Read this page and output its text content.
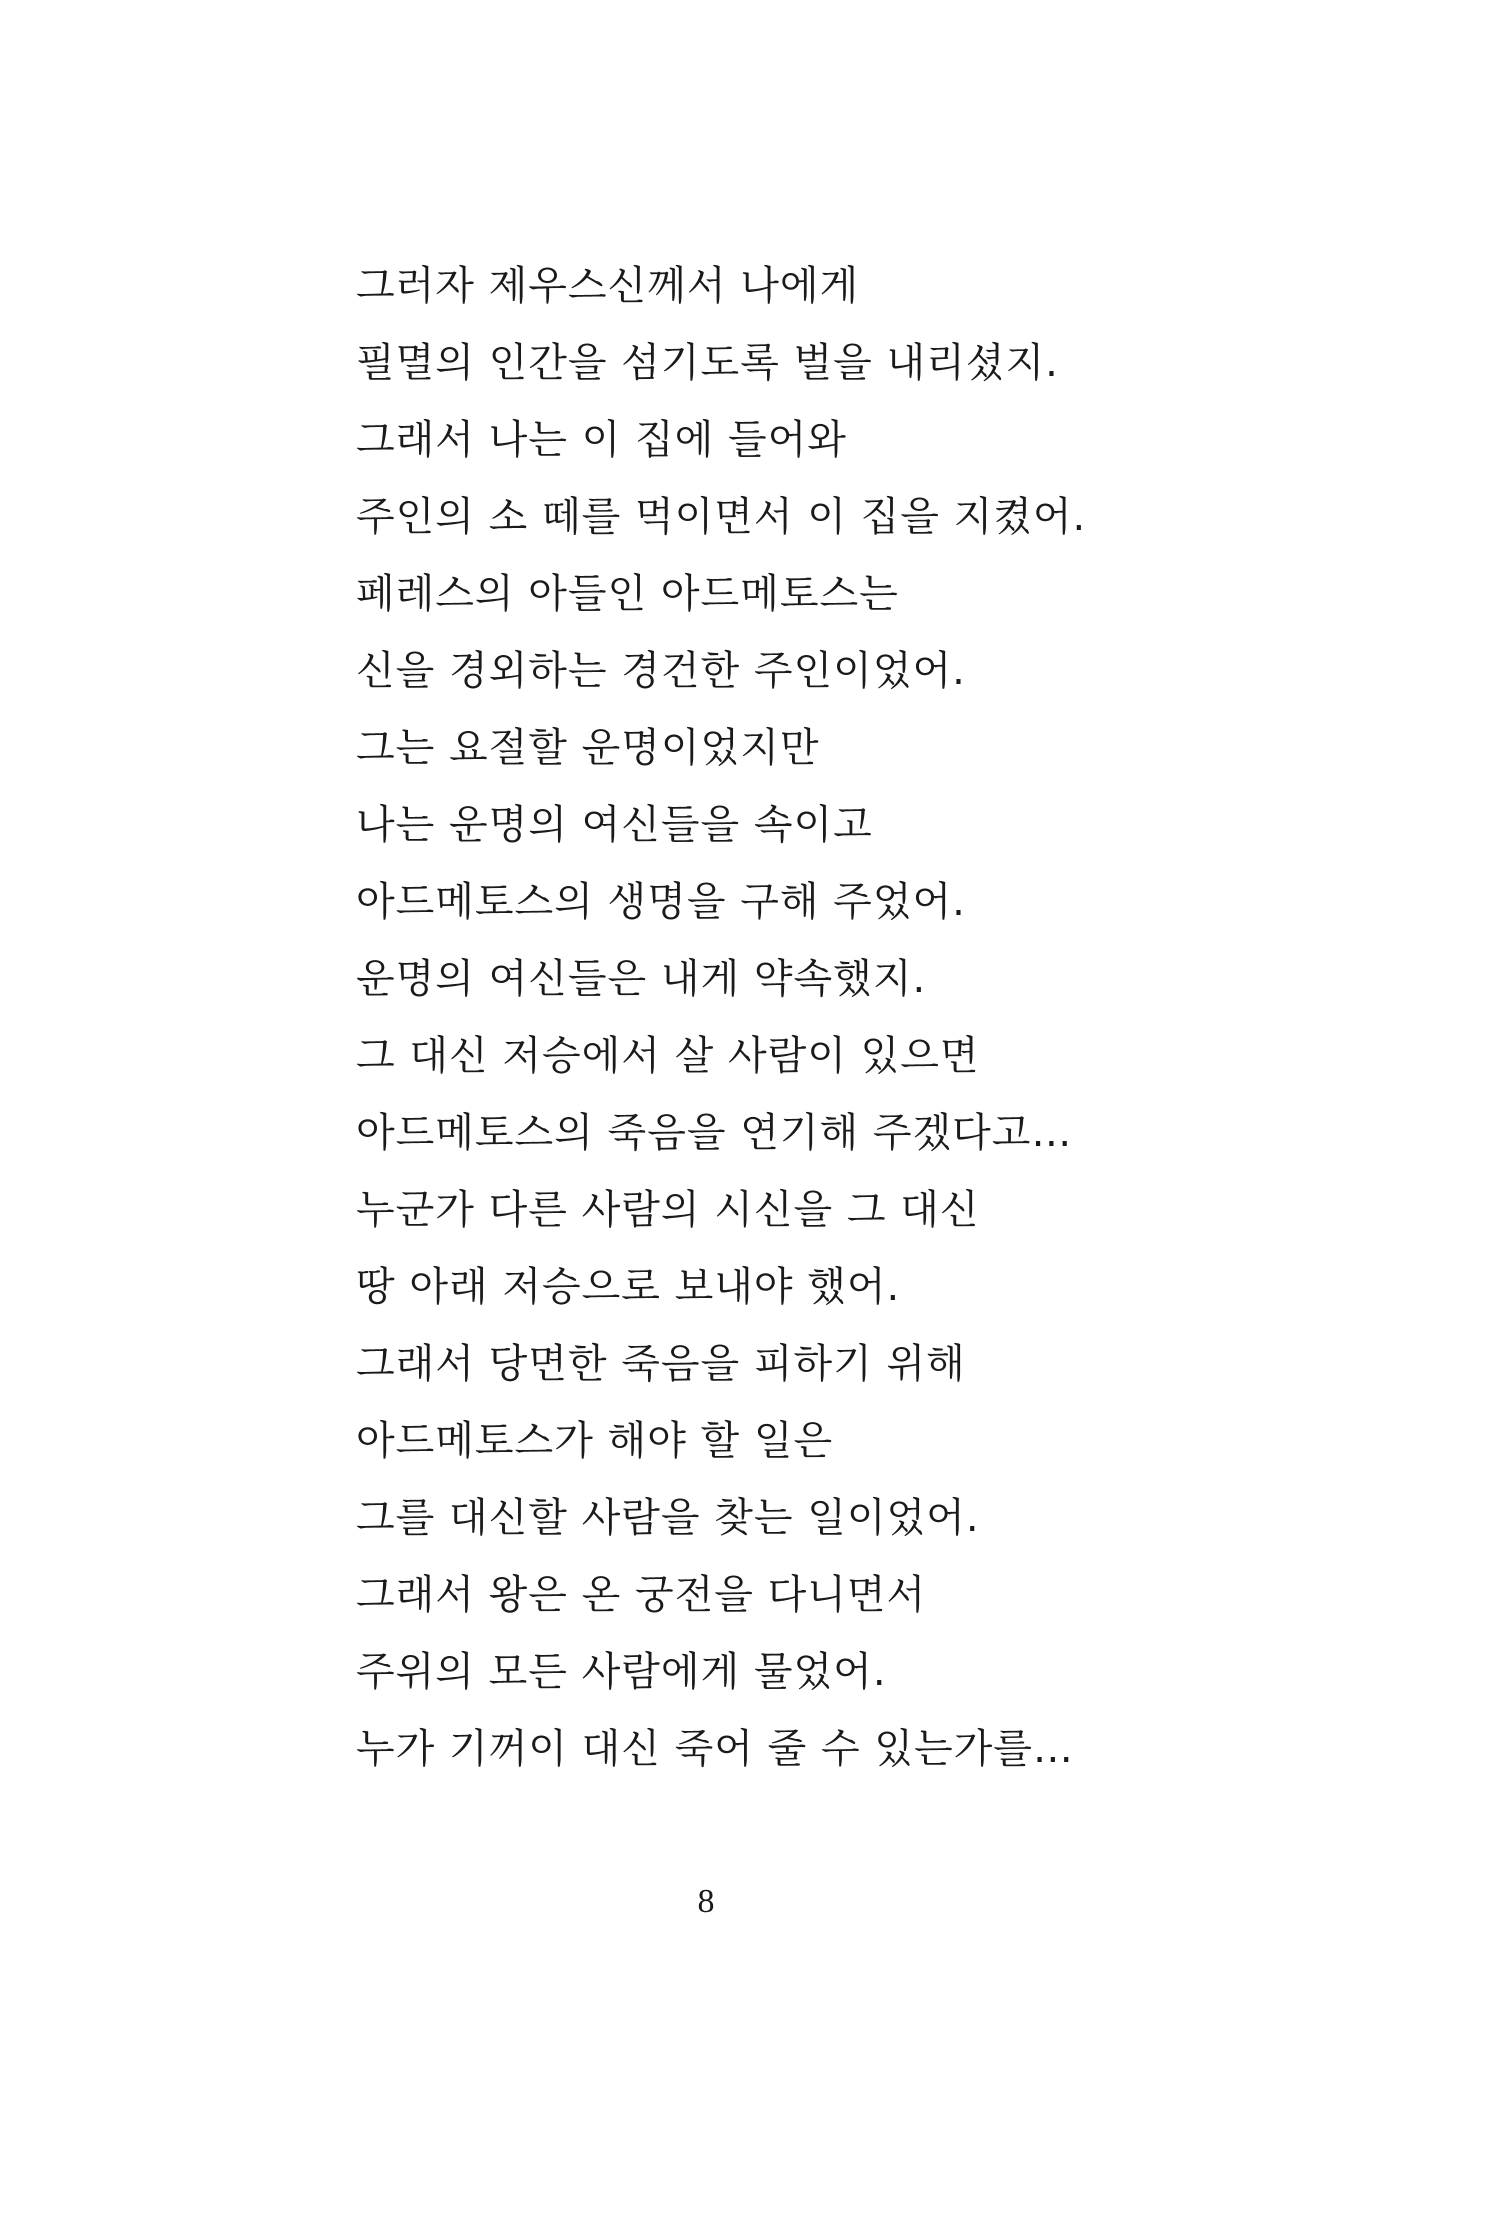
그러자 제우스신께서 나에게
필멸의 인간을 섬기도록 벌을 내리셨지.
그래서 나는 이 집에 들어와
주인의 소 떼를 먹이면서 이 집을 지켰어.
페레스의 아들인 아드메토스는
신을 경외하는 경건한 주인이었어.
그는 요절할 운명이었지만
나는 운명의 여신들을 속이고
아드메토스의 생명을 구해 주었어.
운명의 여신들은 내게 약속했지.
그 대신 저승에서 살 사람이 있으면
아드메토스의 죽음을 연기해 주겠다고…
누군가 다른 사람의 시신을 그 대신
땅 아래 저승으로 보내야 했어.
그래서 당면한 죽음을 피하기 위해
아드메토스가 해야 할 일은
그를 대신할 사람을 찾는 일이었어.
그래서 왕은 온 궁전을 다니면서
주위의 모든 사람에게 물었어.
누가 기꺼이 대신 죽어 줄 수 있는가를…
8
